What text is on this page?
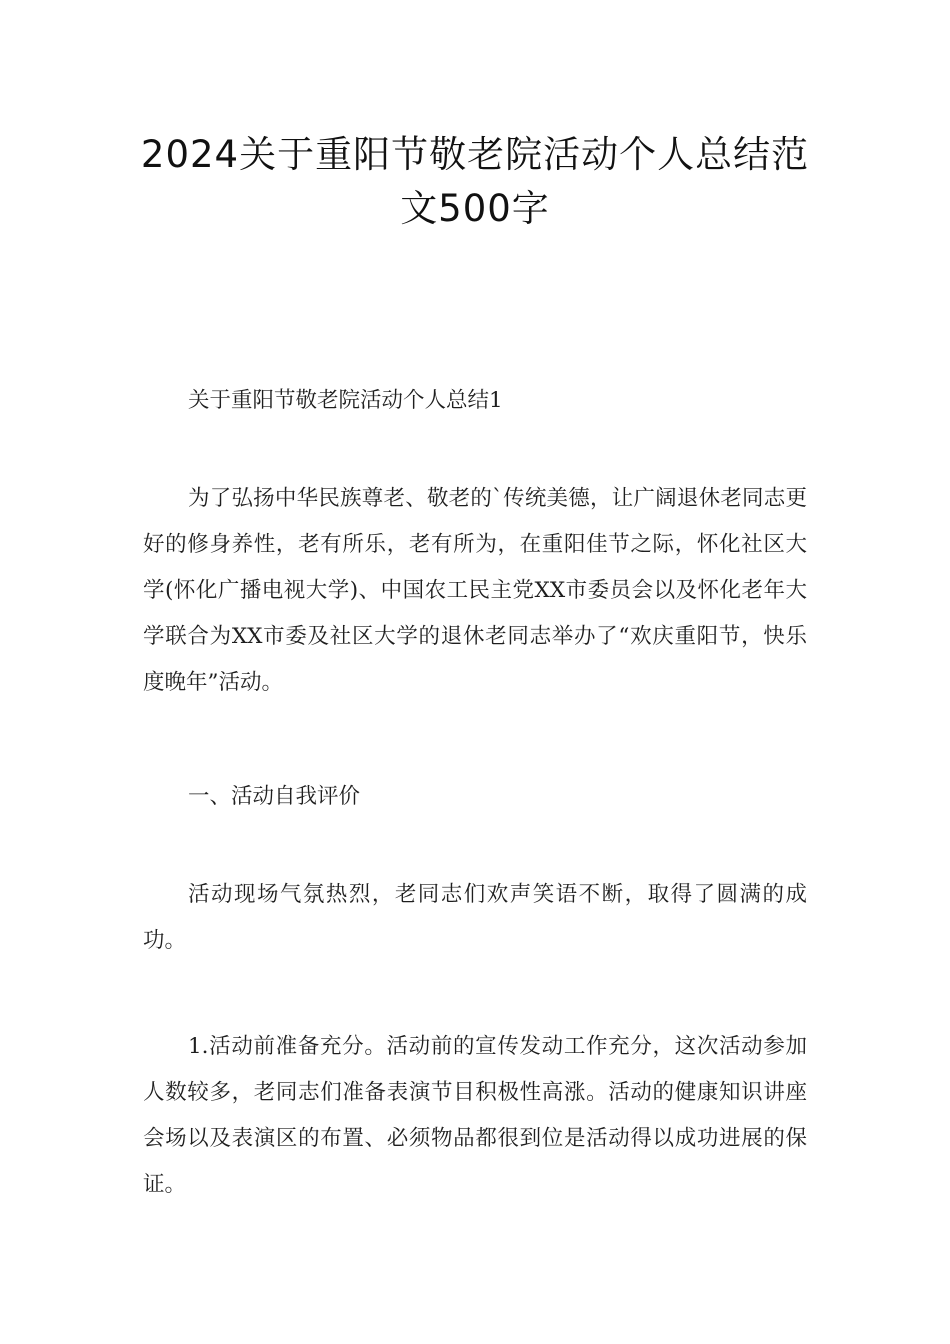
2024关于重阳节敬老院活动个人总结范文500字

关于重阳节敬老院活动个人总结1

为了弘扬中华民族尊老、敬老的`传统美德，让广阔退休老同志更好的修身养性，老有所乐，老有所为，在重阳佳节之际，怀化社区大学(怀化广播电视大学)、中国农工民主党XX市委员会以及怀化老年大学联合为XX市委及社区大学的退休老同志举办了“欢庆重阳节，快乐度晚年”活动。

一、活动自我评价

活动现场气氛热烈，老同志们欢声笑语不断，取得了圆满的成功。

1.活动前准备充分。活动前的宣传发动工作充分，这次活动参加人数较多，老同志们准备表演节目积极性高涨。活动的健康知识讲座会场以及表演区的布置、必须物品都很到位是活动得以成功进展的保证。
